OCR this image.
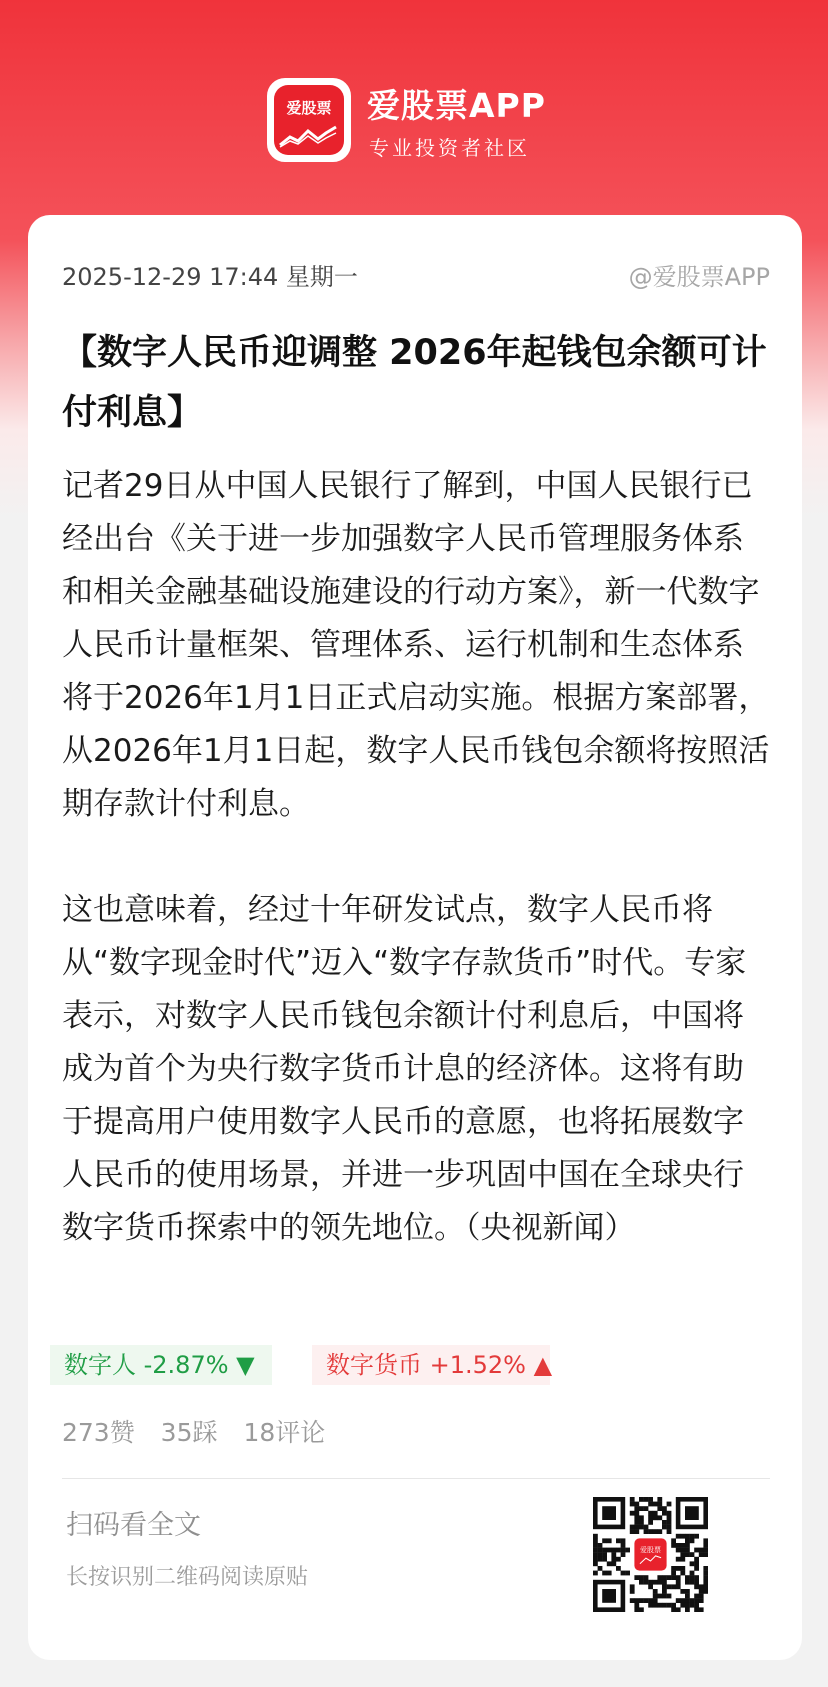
爱股票	爱股票APP
专业投资者社区
2025-12-29 17:44 星期一	@爱股票APP
【数字人民币迎调整 2026年起钱包余额可计付利息】

记者29日从中国人民银行了解到，中国人民银行已经出台《关于进一步加强数字人民币管理服务体系和相关金融基础设施建设的行动方案》，新一代数字人民币计量框架、管理体系、运行机制和生态体系将于2026年1月1日正式启动实施。根据方案部署，从2026年1月1日起，数字人民币钱包余额将按照活期存款计付利息。

这也意味着，经过十年研发试点，数字人民币将从“数字现金时代”迈入“数字存款货币”时代。专家表示，对数字人民币钱包余额计付利息后，中国将成为首个为央行数字货币计息的经济体。这将有助于提高用户使用数字人民币的意愿，也将拓展数字人民币的使用场景，并进一步巩固中国在全球央行数字货币探索中的领先地位。（央视新闻）

数字人 -2.87% ▼	数字货币 +1.52% ▲
273赞 35踩 18评论
扫码看全文
长按识别二维码阅读原贴
爱股票
